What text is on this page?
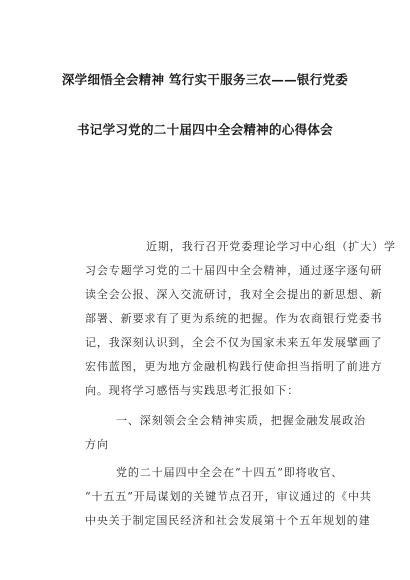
深学细悟全会精神 笃行实干服务三农——银行党委
书记学习党的二十届四中全会精神的心得体会
近期，我行召开党委理论学习中心组（扩大）学
习会专题学习党的二十届四中全会精神，通过逐字逐句研
读全会公报、深入交流研讨，我对全会提出的新思想、新
部署、新要求有了更为系统的把握。作为农商银行党委书
记，我深刻认识到，全会不仅为国家未来五年发展擘画了
宏伟蓝图，更为地方金融机构践行使命担当指明了前进方
向。现将学习感悟与实践思考汇报如下：
一、深刻领会全会精神实质，把握金融发展政治
方向
党的二十届四中全会在“十四五”即将收官、
“十五五”开局谋划的关键节点召开，审议通过的《中共
中央关于制定国民经济和社会发展第十个五年规划的建
